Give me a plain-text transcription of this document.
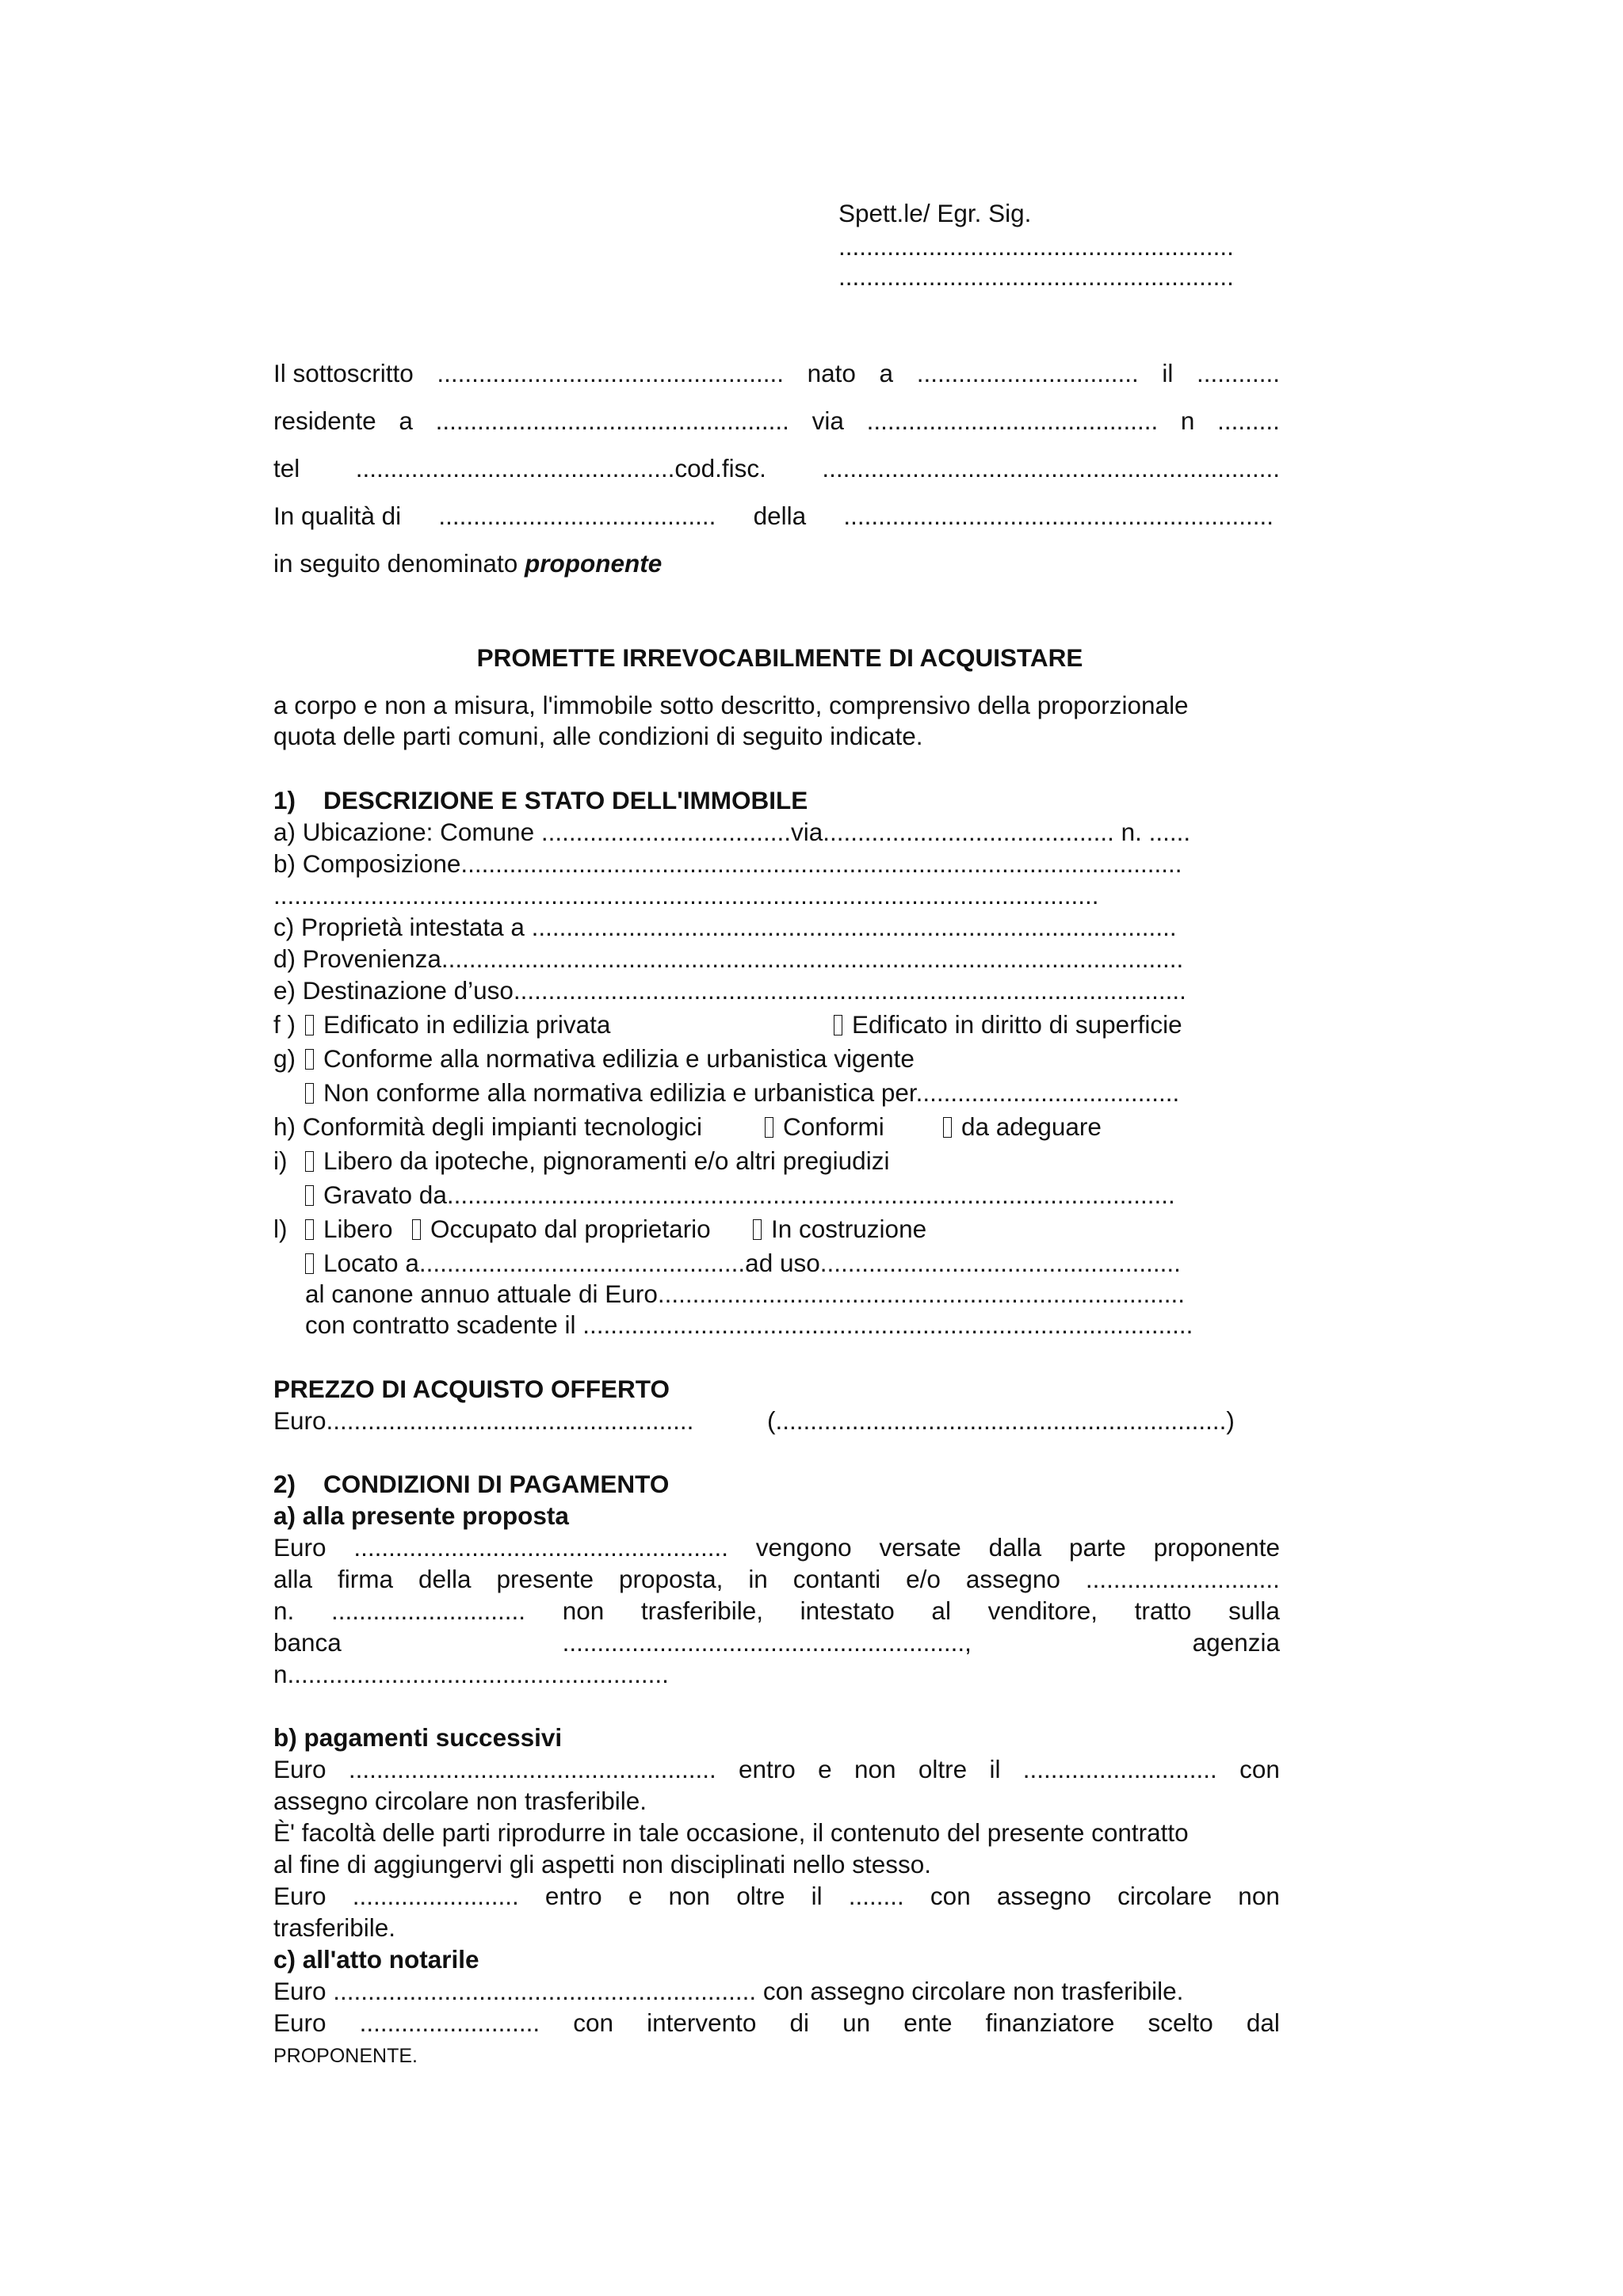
Spett.le/ Egr. Sig.
.........................................................
.........................................................
Il sottoscritto .................................................. nato a ................................ il ............
residente a ................................................... via .......................................... n .........
tel ..............................................cod.fisc. ..................................................................
In qualità di ........................................ della ..............................................................
in seguito denominato proponente
PROMETTE IRREVOCABILMENTE DI ACQUISTARE
a corpo e non a misura, l'immobile sotto descritto, comprensivo della proporzionale
quota delle parti comuni, alle condizioni di seguito indicate.
1) DESCRIZIONE E STATO DELL'IMMOBILE
a) Ubicazione: Comune ....................................via.......................................... n. ......
b) Composizione........................................................................................................
.......................................................................................................................
c) Proprietà intestata a .............................................................................................
d) Provenienza...........................................................................................................
e) Destinazione d’uso.................................................................................................
f )	Edificato in edilizia privata	Edificato in diritto di superficie
g)	Conforme alla normativa edilizia e urbanistica vigente
Non conforme alla normativa edilizia e urbanistica per......................................
h) Conformità degli impianti tecnologici	Conformi	da adeguare
i)	Libero da ipoteche, pignoramenti e/o altri pregiudizi
Gravato da.........................................................................................................
l)	Libero	Occupato dal proprietario	In costruzione
Locato a...............................................ad uso....................................................
al canone annuo attuale di Euro............................................................................
con contratto scadente il ........................................................................................
PREZZO DI ACQUISTO OFFERTO
Euro.....................................................	(.................................................................)
2) CONDIZIONI DI PAGAMENTO
a) alla presente proposta
Euro ...................................................... vengono versate dalla parte proponente
alla firma della presente proposta, in contanti e/o assegno ............................
n. ............................ non trasferibile, intestato al venditore, tratto sulla
banca	..........................................................,	agenzia
n.......................................................
b) pagamenti successivi
Euro ..................................................... entro e non oltre il ............................ con
assegno circolare non trasferibile.
È' facoltà delle parti riprodurre in tale occasione, il contenuto del presente contratto
al fine di aggiungervi gli aspetti non disciplinati nello stesso.
Euro ........................ entro e non oltre il ........ con assegno circolare non
trasferibile.
c) all'atto notarile
Euro ............................................................. con assegno circolare non trasferibile.
Euro .......................... con intervento di un ente finanziatore scelto dal
PROPONENTE.
